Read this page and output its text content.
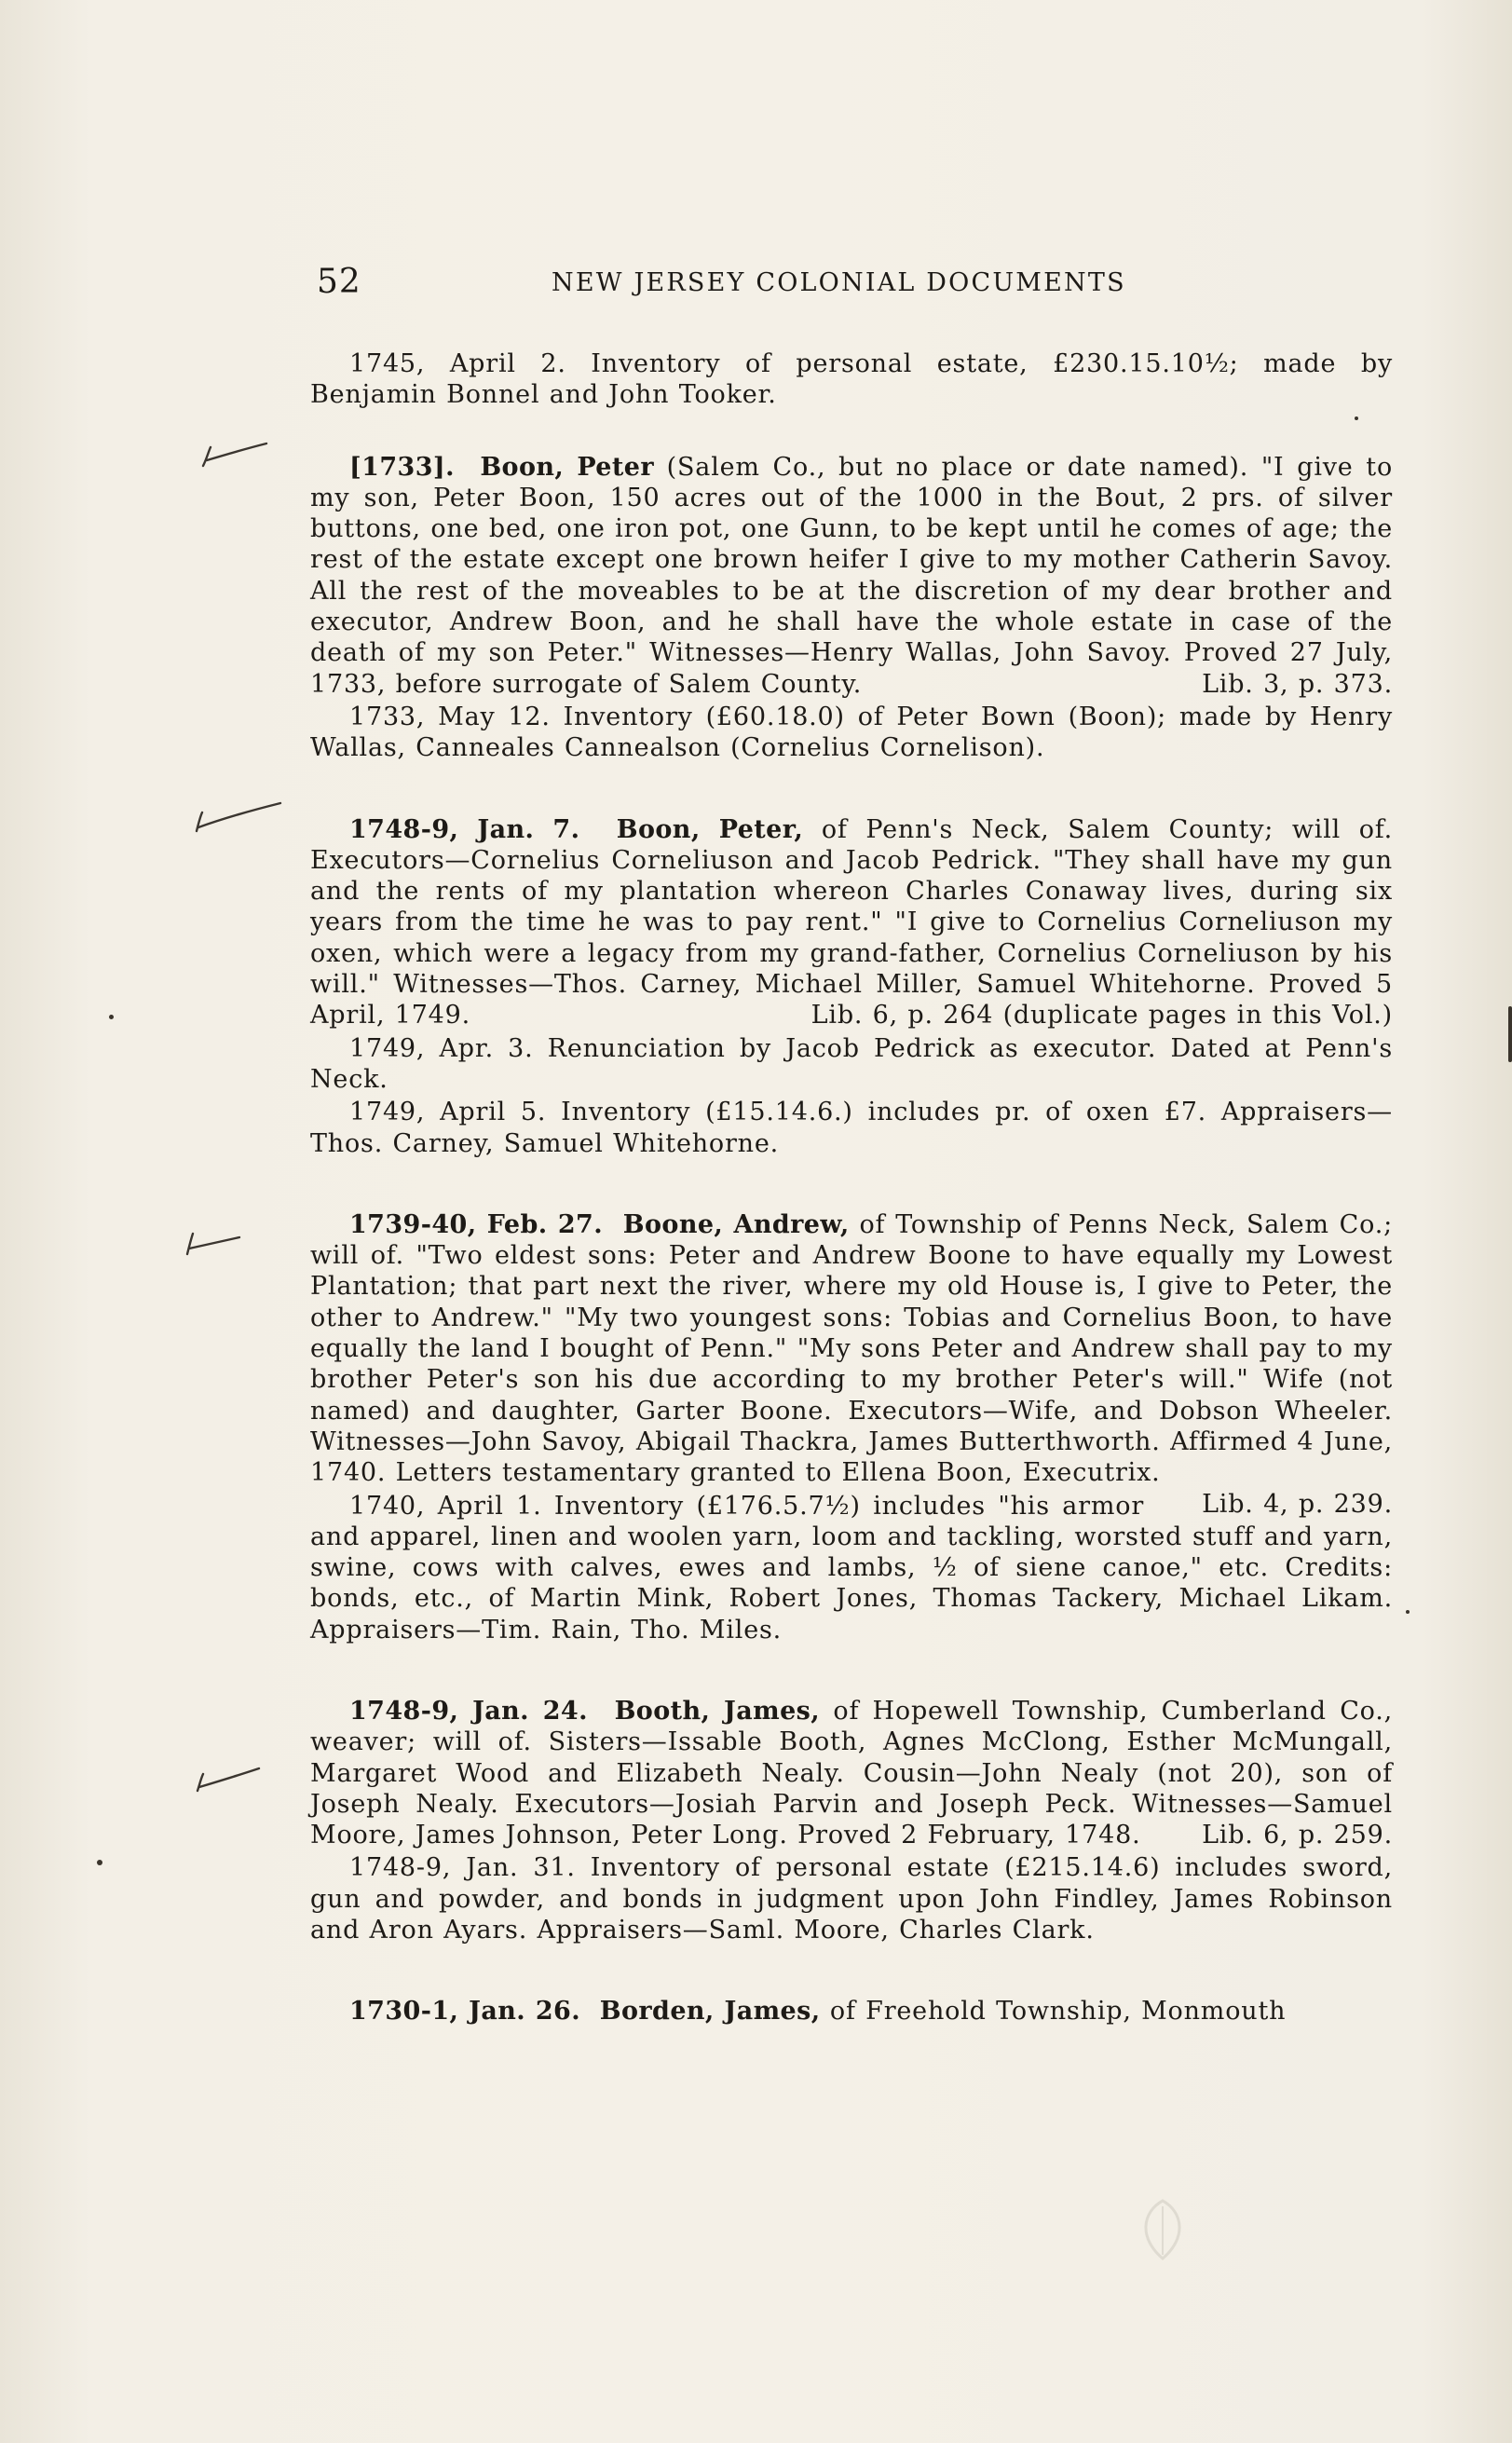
52	NEW JERSEY COLONIAL DOCUMENTS

1745, April 2. Inventory of personal estate, £230.15.10½; made by Benjamin Bonnel and John Tooker.

[1733]. Boon, Peter (Salem Co., but no place or date named). "I give to my son, Peter Boon, 150 acres out of the 1000 in the Bout, 2 prs. of silver buttons, one bed, one iron pot, one Gunn, to be kept until he comes of age; the rest of the estate except one brown heifer I give to my mother Catherin Savoy. All the rest of the moveables to be at the discretion of my dear brother and executor, Andrew Boon, and he shall have the whole estate in case of the death of my son Peter." Witnesses—Henry Wallas, John Savoy. Proved 27 July, 1733, before surrogate of Salem County.	Lib. 3, p. 373.

1733, May 12. Inventory (£60.18.0) of Peter Bown (Boon); made by Henry Wallas, Canneales Cannealson (Cornelius Cornelison).

1748-9, Jan. 7. Boon, Peter, of Penn's Neck, Salem County; will of. Executors—Cornelius Corneliuson and Jacob Pedrick. "They shall have my gun and the rents of my plantation whereon Charles Conaway lives, during six years from the time he was to pay rent." "I give to Cornelius Corneliuson my oxen, which were a legacy from my grand-father, Cornelius Corneliuson by his will." Witnesses—Thos. Carney, Michael Miller, Samuel Whitehorne. Proved 5 April, 1749.	Lib. 6, p. 264 (duplicate pages in this Vol.)

1749, Apr. 3. Renunciation by Jacob Pedrick as executor. Dated at Penn's Neck.

1749, April 5. Inventory (£15.14.6.) includes pr. of oxen £7. Appraisers—Thos. Carney, Samuel Whitehorne.

1739-40, Feb. 27. Boone, Andrew, of Township of Penns Neck, Salem Co.; will of. "Two eldest sons: Peter and Andrew Boone to have equally my Lowest Plantation; that part next the river, where my old House is, I give to Peter, the other to Andrew." "My two youngest sons: Tobias and Cornelius Boon, to have equally the land I bought of Penn." "My sons Peter and Andrew shall pay to my brother Peter's son his due according to my brother Peter's will." Wife (not named) and daughter, Garter Boone. Executors—Wife, and Dobson Wheeler. Witnesses—John Savoy, Abigail Thackra, James Butterthworth. Affirmed 4 June, 1740. Letters testamentary granted to Ellena Boon, Executrix.
Lib. 4, p. 239.

1740, April 1. Inventory (£176.5.7½) includes "his armor and apparel, linen and woolen yarn, loom and tackling, worsted stuff and yarn, swine, cows with calves, ewes and lambs, ½ of siene canoe," etc. Credits: bonds, etc., of Martin Mink, Robert Jones, Thomas Tackery, Michael Likam. Appraisers—Tim. Rain, Tho. Miles.

1748-9, Jan. 24. Booth, James, of Hopewell Township, Cumberland Co., weaver; will of. Sisters—Issable Booth, Agnes McClong, Esther McMungall, Margaret Wood and Elizabeth Nealy. Cousin—John Nealy (not 20), son of Joseph Nealy. Executors—Josiah Parvin and Joseph Peck. Witnesses—Samuel Moore, James Johnson, Peter Long. Proved 2 February, 1748.	Lib. 6, p. 259.

1748-9, Jan. 31. Inventory of personal estate (£215.14.6) includes sword, gun and powder, and bonds in judgment upon John Findley, James Robinson and Aron Ayars. Appraisers—Saml. Moore, Charles Clark.

1730-1, Jan. 26. Borden, James, of Freehold Township, Monmouth
